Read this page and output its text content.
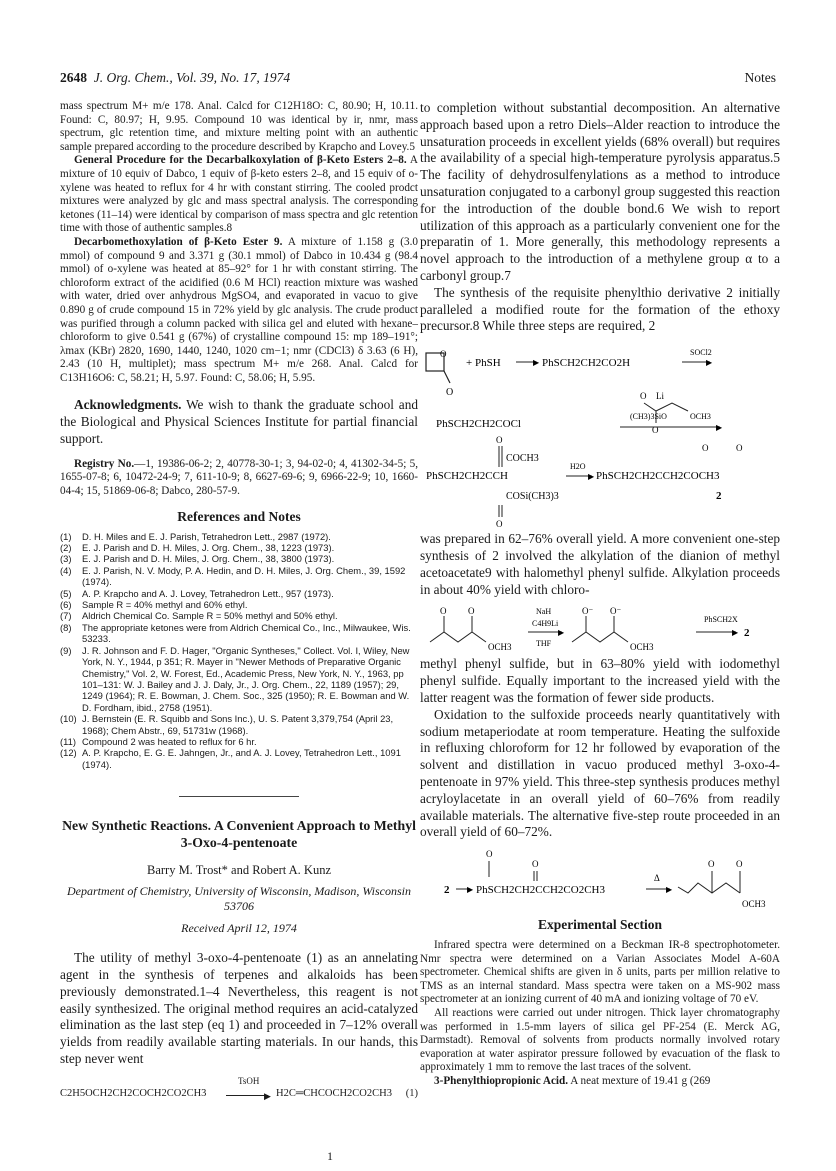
2648 J. Org. Chem., Vol. 39, No. 17, 1974	Notes

mass spectrum M+ m/e 178. Anal. Calcd for C12H18O: C, 80.90; H, 10.11. Found: C, 80.97; H, 9.95. Compound 10 was identical by ir, nmr, mass spectrum, glc retention time, and mixture melting point with an authentic sample prepared according to the procedure described by Krapcho and Lovey.5

General Procedure for the Decarbalkoxylation of β-Keto Esters 2–8. A mixture of 10 equiv of Dabco, 1 equiv of β-keto esters 2–8, and 15 equiv of o-xylene was heated to reflux for 4 hr with constant stirring. The cooled prodct mixtures were analyzed by glc and mass spectral analysis. The corresponding ketones (11–14) were identical by comparison of mass spectra and glc retention time with those of authentic samples.8

Decarbomethoxylation of β-Keto Ester 9. A mixture of 1.158 g (3.0 mmol) of compound 9 and 3.371 g (30.1 mmol) of Dabco in 10.434 g (98.4 mmol) of o-xylene was heated at 85–92° for 1 hr with constant stirring. The chloroform extract of the acidified (0.6 M HCl) reaction mixture was washed with water, dried over anhydrous MgSO4, and evaporated in vacuo to give 0.890 g of crude compound 15 in 72% yield by glc analysis. The crude product was purified through a column packed with silica gel and eluted with hexane–chloroform to give 0.541 g (67%) of crystalline compound 15: mp 189–191°; λmax (KBr) 2820, 1690, 1440, 1240, 1020 cm−1; nmr (CDCl3) δ 3.63 (6 H), 2.43 (10 H, multiplet); mass spectrum M+ m/e 268. Anal. Calcd for C13H16O6: C, 58.21; H, 5.97. Found: C, 58.06; H, 5.95.

Acknowledgments. We wish to thank the graduate school and the Biological and Physical Sciences Institute for partial financial support.

Registry No.—1, 19386-06-2; 2, 40778-30-1; 3, 94-02-0; 4, 41302-34-5; 5, 1655-07-8; 6, 10472-24-9; 7, 611-10-9; 8, 6627-69-6; 9, 6966-22-9; 10, 1660-04-4; 15, 51869-06-8; Dabco, 280-57-9.

References and Notes
(1)	D. H. Miles and E. J. Parish, Tetrahedron Lett., 2987 (1972).
(2)	E. J. Parish and D. H. Miles, J. Org. Chem., 38, 1223 (1973).
(3)	E. J. Parish and D. H. Miles, J. Org. Chem., 38, 3800 (1973).
(4)	E. J. Parish, N. V. Mody, P. A. Hedin, and D. H. Miles, J. Org. Chem., 39, 1592 (1974).
(5)	A. P. Krapcho and A. J. Lovey, Tetrahedron Lett., 957 (1973).
(6)	Sample R = 40% methyl and 60% ethyl.
(7)	Aldrich Chemical Co. Sample R = 50% methyl and 50% ethyl.
(8)	The appropriate ketones were from Aldrich Chemical Co., Inc., Milwaukee, Wis. 53233.
(9)	J. R. Johnson and F. D. Hager, "Organic Syntheses," Collect. Vol. I, Wiley, New York, N. Y., 1944, p 351; R. Mayer in "Newer Methods of Preparative Organic Chemistry," Vol. 2, W. Forest, Ed., Academic Press, New York, N. Y., 1963, pp 101–131: W. J. Bailey and J. J. Daly, Jr., J. Org. Chem., 22, 1189 (1957); 29, 1249 (1964); R. E. Bowman, J. Chem. Soc., 325 (1950); R. E. Bowman and W. D. Fordham, ibid., 2758 (1951).
(10) J. Bernstein (E. R. Squibb and Sons Inc.), U. S. Patent 3,379,754 (April 23, 1968); Chem Abstr., 69, 51731w (1968).
(11) Compound 2 was heated to reflux for 6 hr.
(12) A. P. Krapcho, E. G. E. Jahngen, Jr., and A. J. Lovey, Tetrahedron Lett., 1091 (1974).

New Synthetic Reactions. A Convenient Approach to Methyl 3-Oxo-4-pentenoate

Barry M. Trost* and Robert A. Kunz

Department of Chemistry, University of Wisconsin, Madison, Wisconsin 53706

Received April 12, 1974

The utility of methyl 3-oxo-4-pentenoate (1) as an annelating agent in the synthesis of terpenes and alkaloids has been previously demonstrated.1–4 Nevertheless, this reagent is not easily synthesized. The original method requires an acid-catalyzed elimination as the last step (eq 1) and proceeded in 7–12% overall yields from readily available starting materials. In our hands, this step never went

C2H5OCH2CH2COCH2CO2CH3
TsOH
▶ H2C═CHCOCH2CO2CH3 (1)
1

to completion without substantial decomposition. An alternative approach based upon a retro Diels–Alder reaction to introduce the unsaturation proceeds in excellent yields (68% overall) but requires the availability of a special high-temperature pyrolysis apparatus.5 The facility of dehydrosulfenylations as a method to introduce unsaturation conjugated to a carbonyl group suggested this reaction for the introduction of the double bond.6 We wish to report utilization of this approach as a particularly convenient one for the preparatin of 1. More generally, this methodology represents a novel approach to the introduction of a methylene group α to a carbonyl group.7

The synthesis of the requisite phenylthio derivative 2 initially paralleled a modified route for the formation of the ethoxy precursor.8 While three steps are required, 2

O
O
+ PhSH	▶ PhSCH2CH2CO2H
SOCl2
▶
Li
O
O
OCH3
PhSCH2CH2COCl
(CH3)3SiO
▶
O
COCH3
PhSCH2CH2CCH
COSi(CH3)3
O
H2O
▶
O	O
PhSCH2CH2CCH2COCH3
2

was prepared in 62–76% overall yield. A more convenient one-step synthesis of 2 involved the alkylation of the dianion of methyl acetoacetate9 with halomethyl phenyl sulfide. Alkylation proceeds in about 40% yield with chloro-

O O
OCH3
NaH
C4H9Li
▶
THF
O⁻ O⁻
OCH3
PhSCH2X
▶ 2

methyl phenyl sulfide, but in 63–80% yield with iodomethyl phenyl sulfide. Equally important to the increased yield with the latter reagent was the formation of fewer side products.

Oxidation to the sulfoxide proceeds nearly quantitatively with sodium metaperiodate at room temperature. Heating the sulfoxide in refluxing chloroform for 12 hr followed by evaporation of the solvent and distillation in vacuo produced methyl 3-oxo-4-pentenoate in 97% yield. This three-step synthesis produces methyl acryloylacetate in an overall yield of 60–76% from readily available materials. The alternative five-step route proceeded in an overall yield of 60–72%.

2 ▶
O
O
PhSCH2CH2CCH2CO2CH3
Δ
▶
O O
OCH3
Experimental Section

Infrared spectra were determined on a Beckman IR-8 spectrophotometer. Nmr spectra were determined on a Varian Associates Model A-60A spectrometer. Chemical shifts are given in δ units, parts per million relative to TMS as an internal standard. Mass spectra were taken on a MS-902 mass spectrometer at an ionizing current of 40 mA and ionizing voltage of 70 eV.

All reactions were carried out under nitrogen. Thick layer chromatography was performed in 1.5-mm layers of silica gel PF-254 (E. Merck AG, Darmstadt). Removal of solvents from products normally involved rotary evaporation at water aspirator pressure followed by evacuation of the flask to approximately 1 mm to remove the last traces of the solvent.

3-Phenylthiopropionic Acid. A neat mexture of 19.41 g (269
